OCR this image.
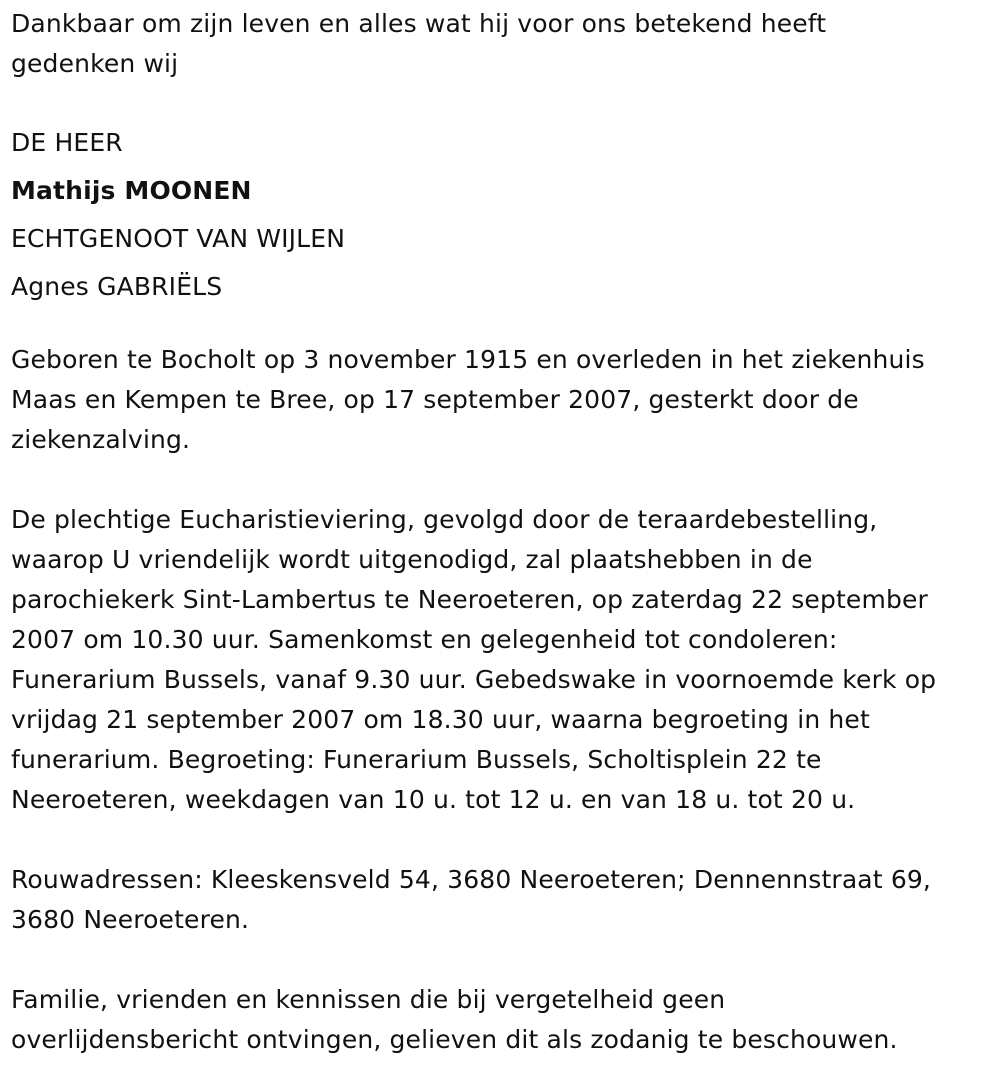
Dankbaar om zijn leven en alles wat hij voor ons betekend heeft
gedenken wij
DE HEER
Mathijs MOONEN
ECHTGENOOT VAN WIJLEN
Agnes GABRIËLS
Geboren te Bocholt op 3 november 1915 en overleden in het ziekenhuis
Maas en Kempen te Bree, op 17 september 2007, gesterkt door de
ziekenzalving.
De plechtige Eucharistieviering, gevolgd door de teraardebestelling,
waarop U vriendelijk wordt uitgenodigd, zal plaatshebben in de
parochiekerk Sint-Lambertus te Neeroeteren, op zaterdag 22 september
2007 om 10.30 uur. Samenkomst en gelegenheid tot condoleren:
Funerarium Bussels, vanaf 9.30 uur. Gebedswake in voornoemde kerk op
vrijdag 21 september 2007 om 18.30 uur, waarna begroeting in het
funerarium. Begroeting: Funerarium Bussels, Scholtisplein 22 te
Neeroeteren, weekdagen van 10 u. tot 12 u. en van 18 u. tot 20 u.
Rouwadressen: Kleeskensveld 54, 3680 Neeroeteren; Dennennstraat 69,
3680 Neeroeteren.
Familie, vrienden en kennissen die bij vergetelheid geen
overlijdensbericht ontvingen, gelieven dit als zodanig te beschouwen.
